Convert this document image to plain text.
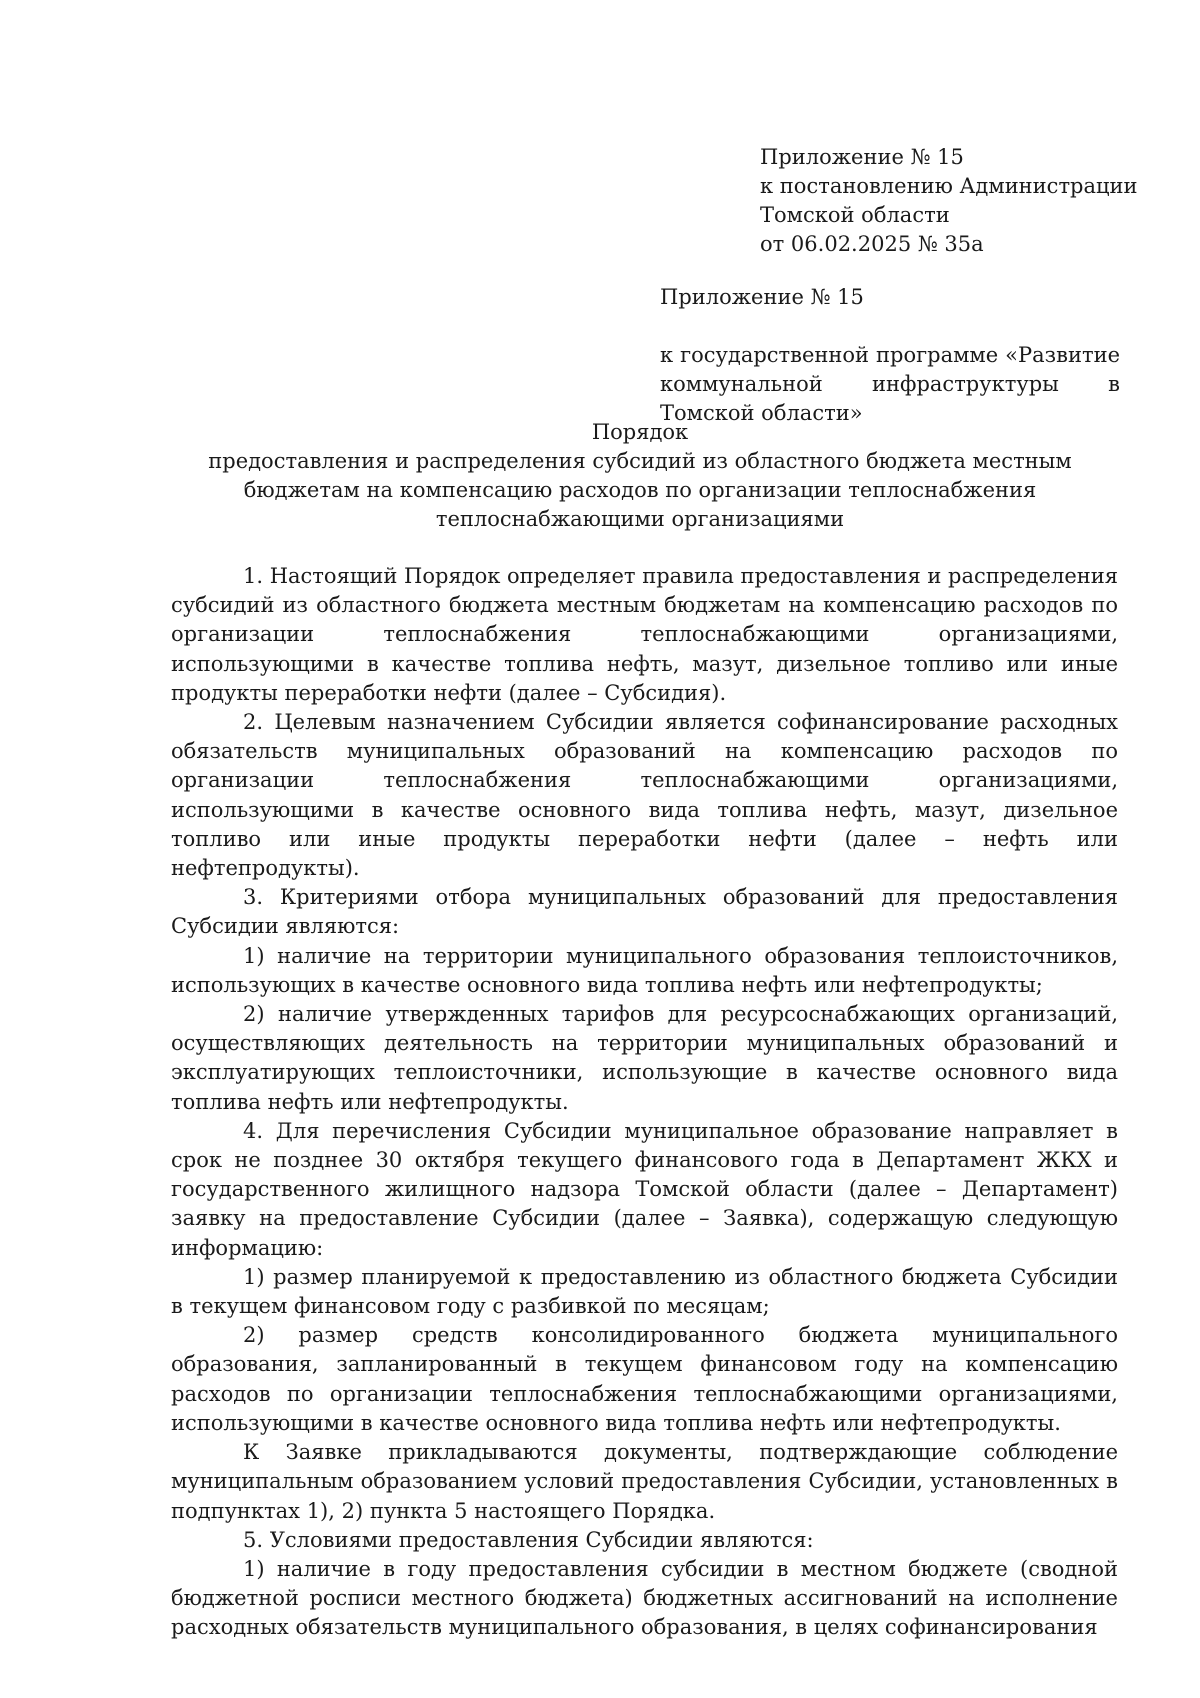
Приложение № 15
к постановлению Администрации
Томской области
от 06.02.2025 № 35а

Приложение № 15

к государственной программе «Развитие коммунальной инфраструктуры в Томской области»

Порядок
предоставления и распределения субсидий из областного бюджета местным
бюджетам на компенсацию расходов по организации теплоснабжения
теплоснабжающими организациями

1. Настоящий Порядок определяет правила предоставления и распределения субсидий из областного бюджета местным бюджетам на компенсацию расходов по организации теплоснабжения теплоснабжающими организациями, использующими в качестве топлива нефть, мазут, дизельное топливо или иные продукты переработки нефти (далее – Субсидия).

2. Целевым назначением Субсидии является софинансирование расходных обязательств муниципальных образований на компенсацию расходов по организации теплоснабжения теплоснабжающими организациями, использующими в качестве основного вида топлива нефть, мазут, дизельное топливо или иные продукты переработки нефти (далее – нефть или нефтепродукты).

3. Критериями отбора муниципальных образований для предоставления Субсидии являются:

1) наличие на территории муниципального образования теплоисточников, использующих в качестве основного вида топлива нефть или нефтепродукты;

2) наличие утвержденных тарифов для ресурсоснабжающих организаций, осуществляющих деятельность на территории муниципальных образований и эксплуатирующих теплоисточники, использующие в качестве основного вида топлива нефть или нефтепродукты.

4. Для перечисления Субсидии муниципальное образование направляет в срок не позднее 30 октября текущего финансового года в Департамент ЖКХ и государственного жилищного надзора Томской области (далее – Департамент) заявку на предоставление Субсидии (далее – Заявка), содержащую следующую информацию:

1) размер планируемой к предоставлению из областного бюджета Субсидии в текущем финансовом году с разбивкой по месяцам;

2) размер средств консолидированного бюджета муниципального образования, запланированный в текущем финансовом году на компенсацию расходов по организации теплоснабжения теплоснабжающими организациями, использующими в качестве основного вида топлива нефть или нефтепродукты.

К Заявке прикладываются документы, подтверждающие соблюдение муниципальным образованием условий предоставления Субсидии, установленных в подпунктах 1), 2) пункта 5 настоящего Порядка.

5. Условиями предоставления Субсидии являются:

1) наличие в году предоставления субсидии в местном бюджете (сводной бюджетной росписи местного бюджета) бюджетных ассигнований на исполнение расходных обязательств муниципального образования, в целях софинансирования
